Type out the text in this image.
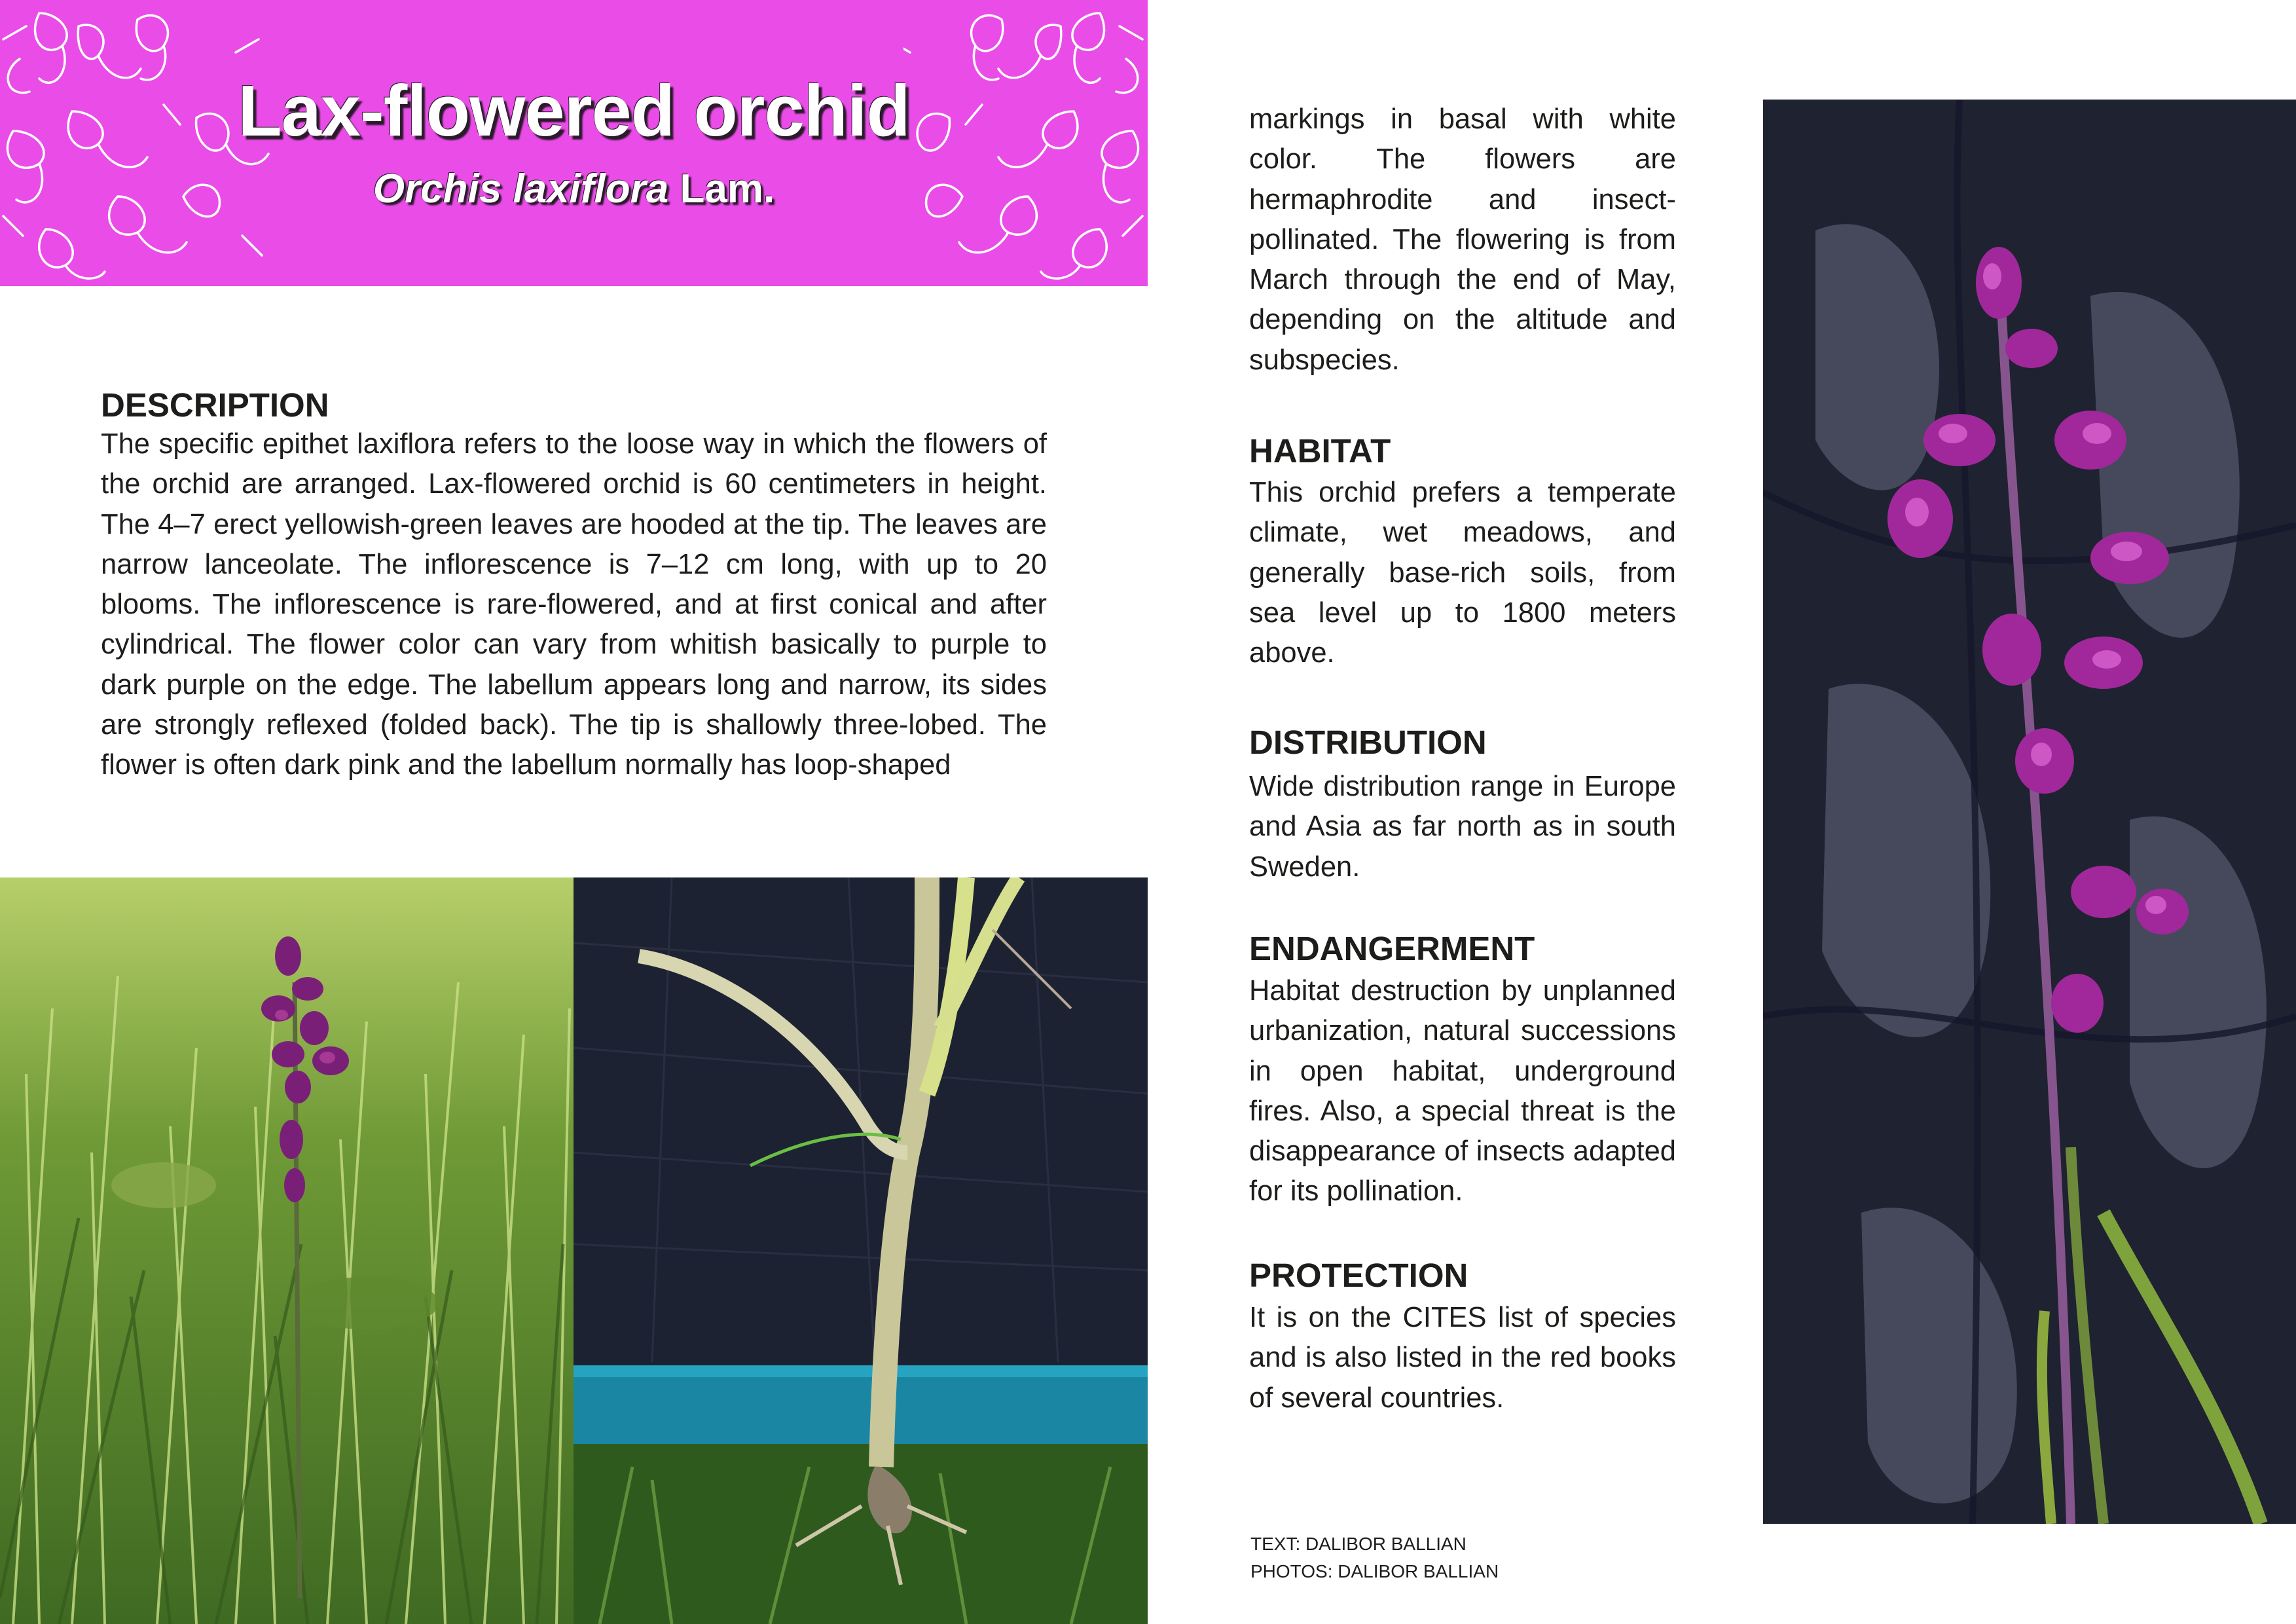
Lax-flowered orchid
Orchis laxiflora Lam.
DESCRIPTION

The specific epithet laxiflora refers to the loose way in which the flowers of the orchid are arranged. Lax-flowered orchid is 60 centimeters in height. The 4–7 erect yellowish-green leaves are hooded at the tip. The leaves are narrow lanceolate. The inflorescence is 7–12 cm long, with up to 20 blooms. The inflorescence is rare-flowered, and at first conical and after cylindrical. The flower color can vary from whitish basically to purple to dark purple on the edge. The labellum appears long and narrow, its sides are strongly reflexed (folded back). The tip is shallowly three-lobed. The flower is often dark pink and the labellum normally has loop-shaped

markings in basal with white color. The flowers are hermaphrodite and insect-pollinated. The flowering is from March through the end of May, depending on the altitude and subspecies.

HABITAT

This orchid prefers a temperate climate, wet meadows, and generally base-rich soils, from sea level up to 1800 meters above.

DISTRIBUTION

Wide distribution range in Europe and Asia as far north as in south Sweden.

ENDANGERMENT

Habitat destruction by unplanned urbanization, natural successions in open habitat, underground fires. Also, a special threat is the disappearance of insects adapted for its pollination.

PROTECTION

It is on the CITES list of species and is also listed in the red books of several countries.

TEXT: DALIBOR BALLIAN
PHOTOS: DALIBOR BALLIAN
